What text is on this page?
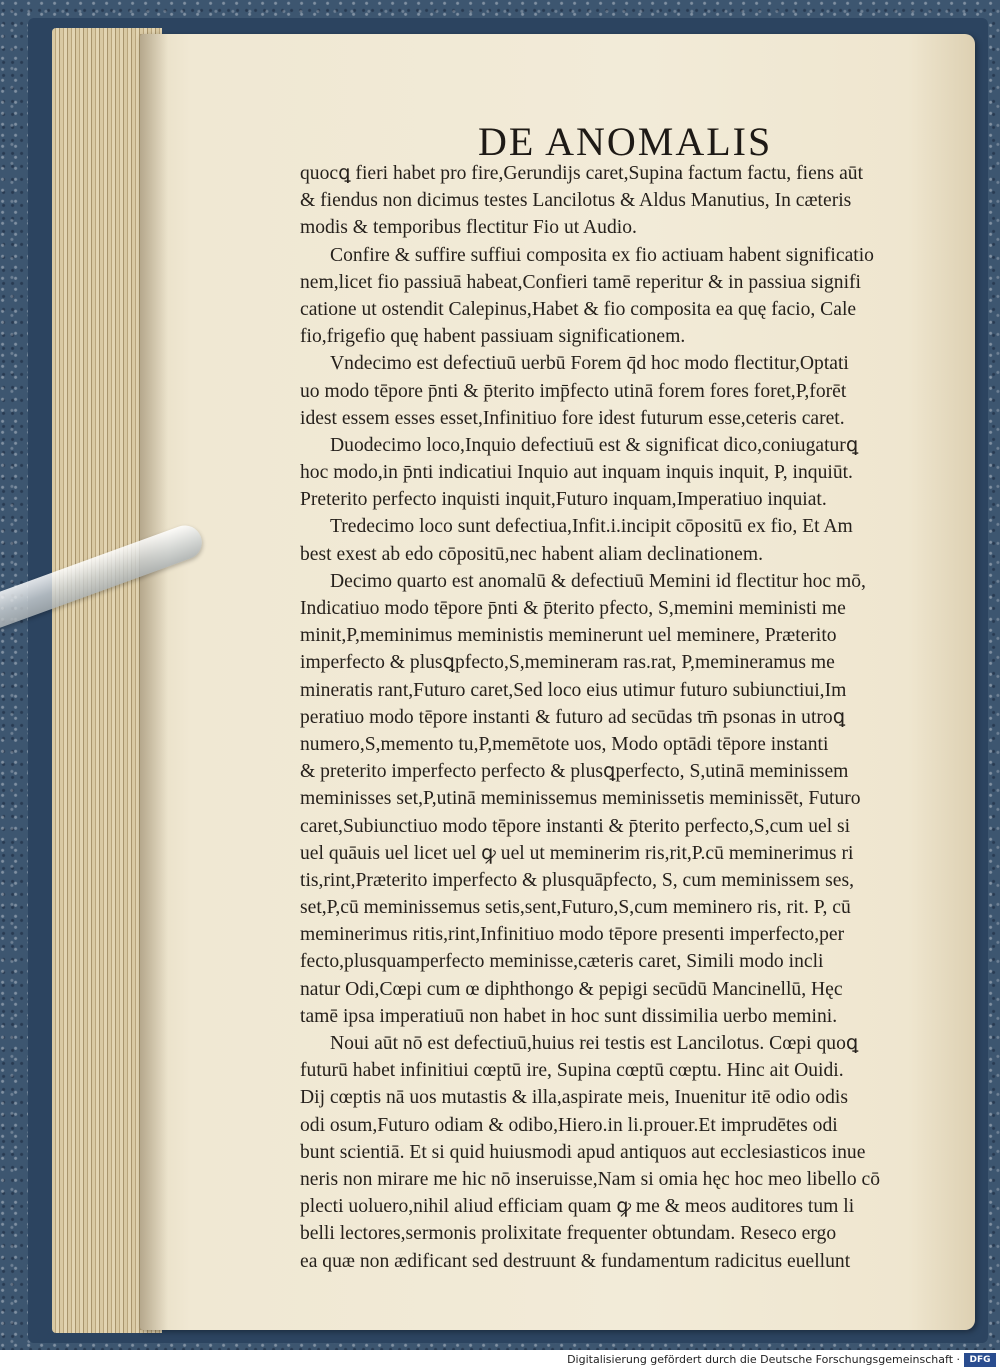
DE ANOMALIS
quocꝗ fieri habet pro fire,Gerundijs caret,Supina factum factu, fiens aūt
& fiendus non dicimus testes Lancilotus & Aldus Manutius, In cæteris
modis & temporibus flectitur Fio ut Audio.
Confire & suffire suffiui composita ex fio actiuam habent significatio
nem,licet fio passiuā habeat,Confieri tamē reperitur & in passiua signifi
catione ut ostendit Calepinus,Habet & fio composita ea quę facio, Cale
fio,frigefio quę habent passiuam significationem.
Vndecimo est defectiuū uerbū Forem q̄d hoc modo flectitur,Optati
uo modo tēpore p̄nti & p̄terito imp̄fecto utinā forem fores foret,P,forēt
idest essem esses esset,Infinitiuo fore idest futurum esse,ceteris caret.
Duodecimo loco,Inquio defectiuū est & significat dico,coniugaturꝗ
hoc modo,in p̄nti indicatiui Inquio aut inquam inquis inquit, P, inquiūt.
Preterito perfecto inquisti inquit,Futuro inquam,Imperatiuo inquiat.
Tredecimo loco sunt defectiua,Infit.i.incipit cōpositū ex fio, Et Am
best exest ab edo cōpositū,nec habent aliam declinationem.
Decimo quarto est anomalū & defectiuū Memini id flectitur hoc mō,
Indicatiuo modo tēpore p̄nti & p̄terito pfecto, S,memini meministi me
minit,P,meminimus meministis meminerunt uel meminere, Præterito
imperfecto & plusꝗpfecto,S,memineram ras.rat, P,memineramus me
mineratis rant,Futuro caret,Sed loco eius utimur futuro subiunctiui,Im
peratiuo modo tēpore instanti & futuro ad secūdas tm̄ psonas in utroꝗ
numero,S,memento tu,P,memētote uos, Modo optādi tēpore instanti
& preterito imperfecto perfecto & plusꝗperfecto, S,utinā meminissem
meminisses set,P,utinā meminissemus meminissetis meminissēt, Futuro
caret,Subiunctiuo modo tēpore instanti & p̄terito perfecto,S,cum uel si
uel quāuis uel licet uel ꝙ uel ut meminerim ris,rit,P.cū meminerimus ri
tis,rint,Præterito imperfecto & plusquāpfecto, S, cum meminissem ses,
set,P,cū meminissemus setis,sent,Futuro,S,cum meminero ris, rit. P, cū
meminerimus ritis,rint,Infinitiuo modo tēpore presenti imperfecto,per
fecto,plusquamperfecto meminisse,cæteris caret, Simili modo incli
natur Odi,Cœpi cum œ diphthongo & pepigi secūdū Mancinellū, Hęc
tamē ipsa imperatiuū non habet in hoc sunt dissimilia uerbo memini.
Noui aūt nō est defectiuū,huius rei testis est Lancilotus. Cœpi quoꝗ
futurū habet infinitiui cœptū ire, Supina cœptū cœptu. Hinc ait Ouidi.
Dij cœptis nā uos mutastis & illa,aspirate meis, Inuenitur itē odio odis
odi osum,Futuro odiam & odibo,Hiero.in li.prouer.Et imprudētes odi
bunt scientiā. Et si quid huiusmodi apud antiquos aut ecclesiasticos inue
neris non mirare me hic nō inseruisse,Nam si omia hęc hoc meo libello cō
plecti uoluero,nihil aliud efficiam quam ꝙ me & meos auditores tum li
belli lectores,sermonis prolixitate frequenter obtundam. Reseco ergo
ea quæ non ædificant sed destruunt & fundamentum radicitus euellunt
Digitalisierung gefördert durch die Deutsche Forschungsgemeinschaft ·	DFG
